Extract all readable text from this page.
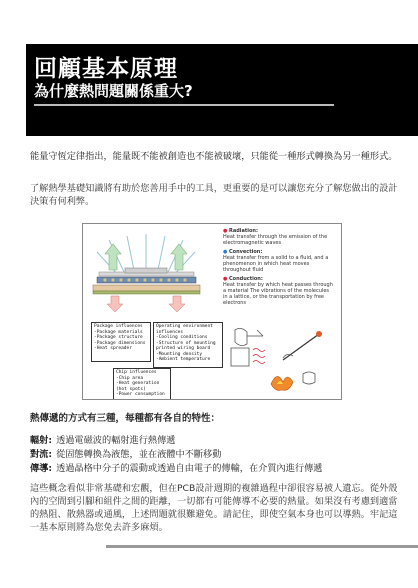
回顧基本原理
為什麼熱問題關係重大?
能量守恆定律指出，能量既不能被創造也不能被破壞，只能從一種形式轉換為另一種形式。
了解熱學基礎知識將有助於您善用手中的工具，更重要的是可以讓您充分了解您做出的設計決策有何利弊。
● Radiation:
Heat transfer through the emission of the electromagnetic waves
● Convection:
Heat transfer from a solid to a fluid, and a phenomenon in which heat moves throughout fluid
● Conduction:
Heat transfer by which heat passes through a material The vibrations of the molecules in a lattice, or the transportation by free electrons
Package influences
-Package materials
-Package structure
-Package dimensions
-Heat spreader
Operating environment influences
-Cooling conditions
-Structure of mounting printed wiring board
-Mounting density
-Ambient temperature
Chip influences
-Chip area
-Heat generation
(hot spots)
-Power consumption
熱傳遞的方式有三種，每種都有各自的特性：
輻射: 透過電磁波的輻射進行熱傳遞
對流: 從固態轉換為液態，並在液體中不斷移動
傳導: 透過晶格中分子的震動或透過自由電子的傳輸，在介質內進行傳遞
這些概念看似非常基礎和宏觀，但在PCB設計週期的複雜過程中卻很容易被人遺忘。從外殼內的空間到引腳和組件之間的距離，一切都有可能傳導不必要的熱量。如果沒有考慮到適當的熱阻、散熱器或通風，上述問題就很難避免。請記住，即使空氣本身也可以導熱。牢記這一基本原則將為您免去許多麻煩。
